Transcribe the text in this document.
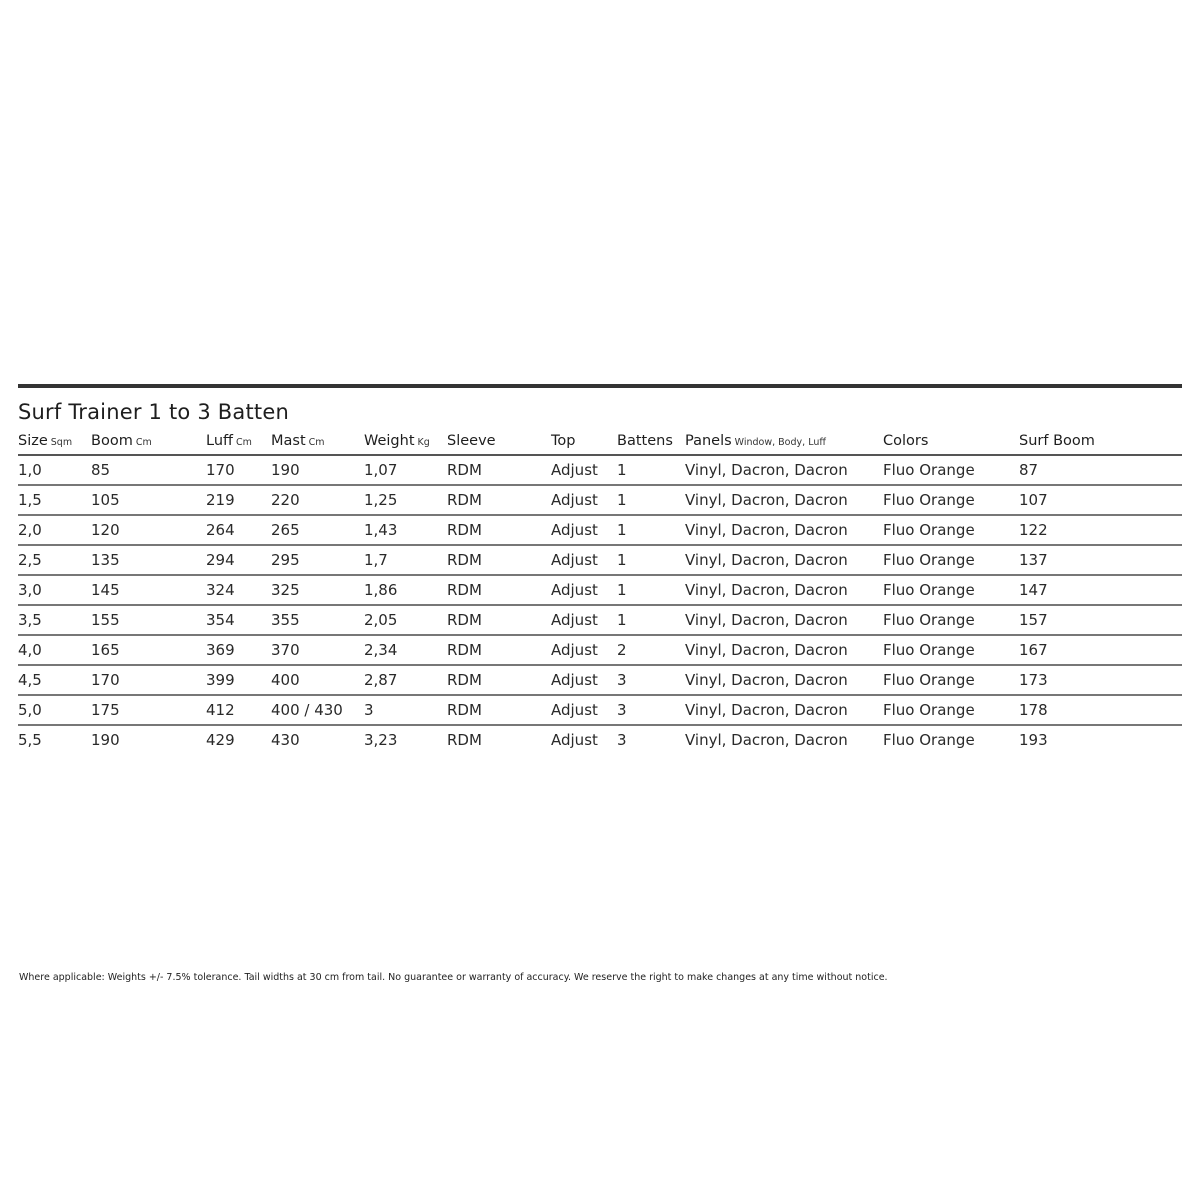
Surf Trainer 1 to 3 Batten
Size Sqm	Boom Cm	Luff Cm	Mast Cm	Weight Kg	Sleeve	Top	Battens	Panels Window, Body, Luff	Colors	Surf Boom
1,0	85	170	190	1,07	RDM	Adjust	1	Vinyl, Dacron, Dacron	Fluo Orange	87
1,5	105	219	220	1,25	RDM	Adjust	1	Vinyl, Dacron, Dacron	Fluo Orange	107
2,0	120	264	265	1,43	RDM	Adjust	1	Vinyl, Dacron, Dacron	Fluo Orange	122
2,5	135	294	295	1,7	RDM	Adjust	1	Vinyl, Dacron, Dacron	Fluo Orange	137
3,0	145	324	325	1,86	RDM	Adjust	1	Vinyl, Dacron, Dacron	Fluo Orange	147
3,5	155	354	355	2,05	RDM	Adjust	1	Vinyl, Dacron, Dacron	Fluo Orange	157
4,0	165	369	370	2,34	RDM	Adjust	2	Vinyl, Dacron, Dacron	Fluo Orange	167
4,5	170	399	400	2,87	RDM	Adjust	3	Vinyl, Dacron, Dacron	Fluo Orange	173
5,0	175	412	400 / 430	3	RDM	Adjust	3	Vinyl, Dacron, Dacron	Fluo Orange	178
5,5	190	429	430	3,23	RDM	Adjust	3	Vinyl, Dacron, Dacron	Fluo Orange	193
Where applicable: Weights +/- 7.5% tolerance. Tail widths at 30 cm from tail. No guarantee or warranty of accuracy. We reserve the right to make changes at any time without notice.
